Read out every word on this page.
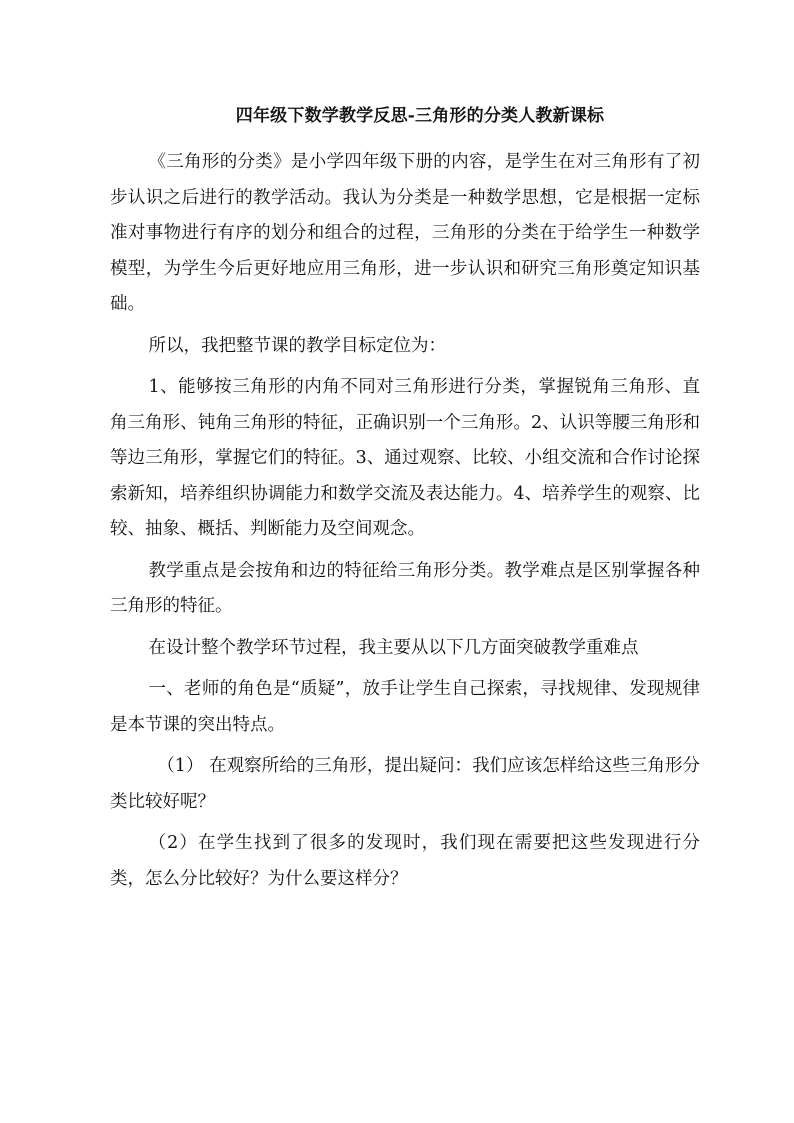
四年级下数学教学反思-三角形的分类人教新课标

《三角形的分类》是小学四年级下册的内容，是学生在对三角形有了初步认识之后进行的教学活动。我认为分类是一种数学思想，它是根据一定标准对事物进行有序的划分和组合的过程，三角形的分类在于给学生一种数学模型，为学生今后更好地应用三角形，进一步认识和研究三角形奠定知识基础。

所以，我把整节课的教学目标定位为：

1、能够按三角形的内角不同对三角形进行分类，掌握锐角三角形、直角三角形、钝角三角形的特征，正确识别一个三角形。2、认识等腰三角形和等边三角形，掌握它们的特征。3、通过观察、比较、小组交流和合作讨论探索新知，培养组织协调能力和数学交流及表达能力。4、培养学生的观察、比较、抽象、概括、判断能力及空间观念。

教学重点是会按角和边的特征给三角形分类。教学难点是区别掌握各种三角形的特征。

在设计整个教学环节过程，我主要从以下几方面突破教学重难点

一、老师的角色是“质疑”，放手让学生自己探索，寻找规律、发现规律是本节课的突出特点。

（1） 在观察所给的三角形，提出疑问：我们应该怎样给这些三角形分类比较好呢？

（2）在学生找到了很多的发现时，我们现在需要把这些发现进行分类，怎么分比较好？为什么要这样分？
